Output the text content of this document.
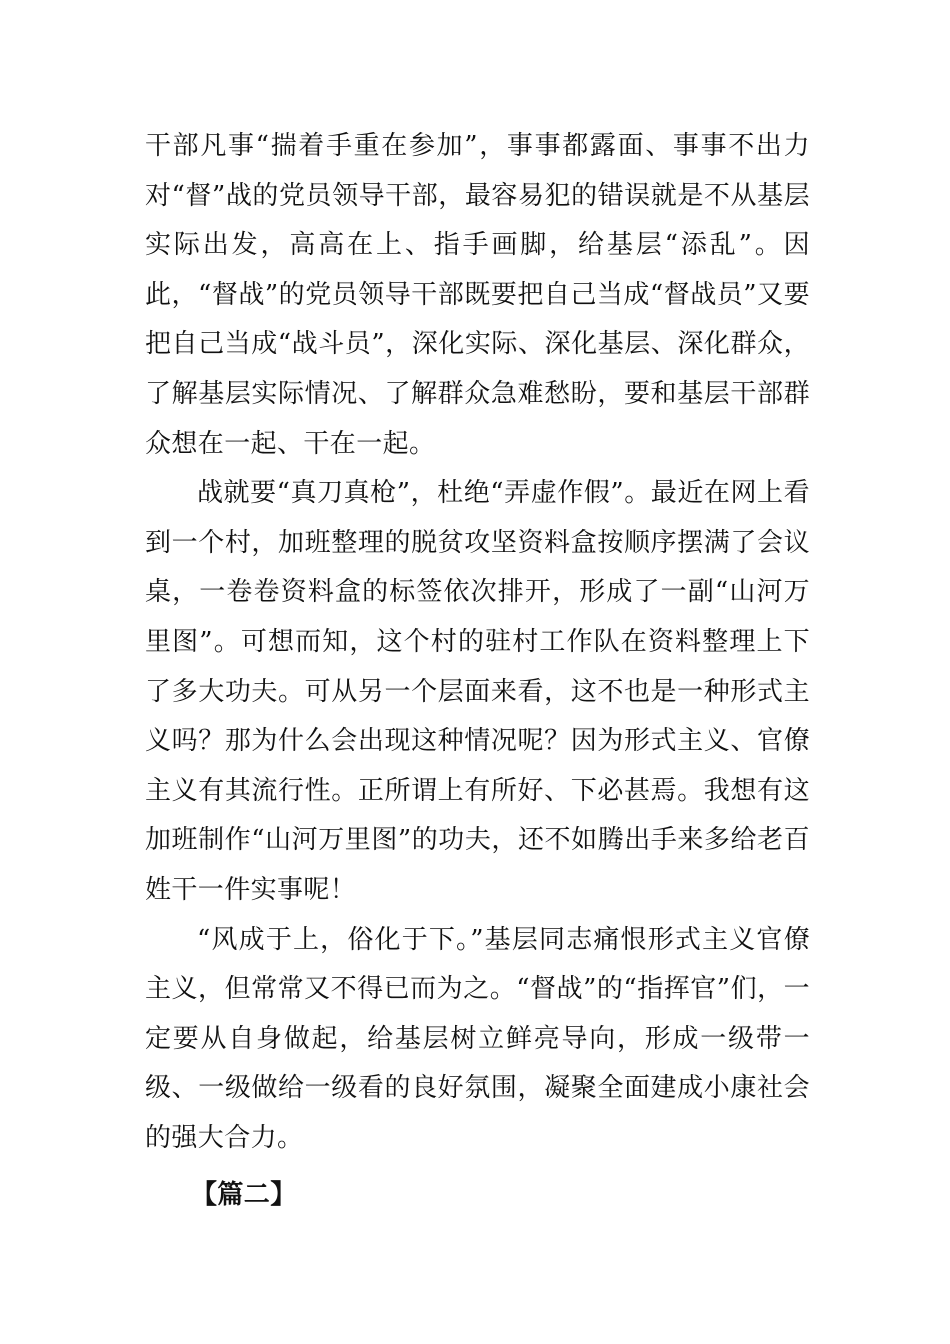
干部凡事“揣着手重在参加”，事事都露面、事事不出力对“督”战的党员领导干部，最容易犯的错误就是不从基层实际出发，高高在上、指手画脚，给基层“添乱”。因此，“督战”的党员领导干部既要把自己当成“督战员”又要把自己当成“战斗员”，深化实际、深化基层、深化群众，了解基层实际情况、了解群众急难愁盼，要和基层干部群众想在一起、干在一起。

战就要“真刀真枪”，杜绝“弄虚作假”。最近在网上看到一个村，加班整理的脱贫攻坚资料盒按顺序摆满了会议桌，一卷卷资料盒的标签依次排开，形成了一副“山河万里图”。可想而知，这个村的驻村工作队在资料整理上下了多大功夫。可从另一个层面来看，这不也是一种形式主义吗？那为什么会出现这种情况呢？因为形式主义、官僚主义有其流行性。正所谓上有所好、下必甚焉。我想有这加班制作“山河万里图”的功夫，还不如腾出手来多给老百姓干一件实事呢！

“风成于上，俗化于下。”基层同志痛恨形式主义官僚主义，但常常又不得已而为之。“督战”的“指挥官”们，一定要从自身做起，给基层树立鲜亮导向，形成一级带一级、一级做给一级看的良好氛围，凝聚全面建成小康社会的强大合力。

【篇二】
